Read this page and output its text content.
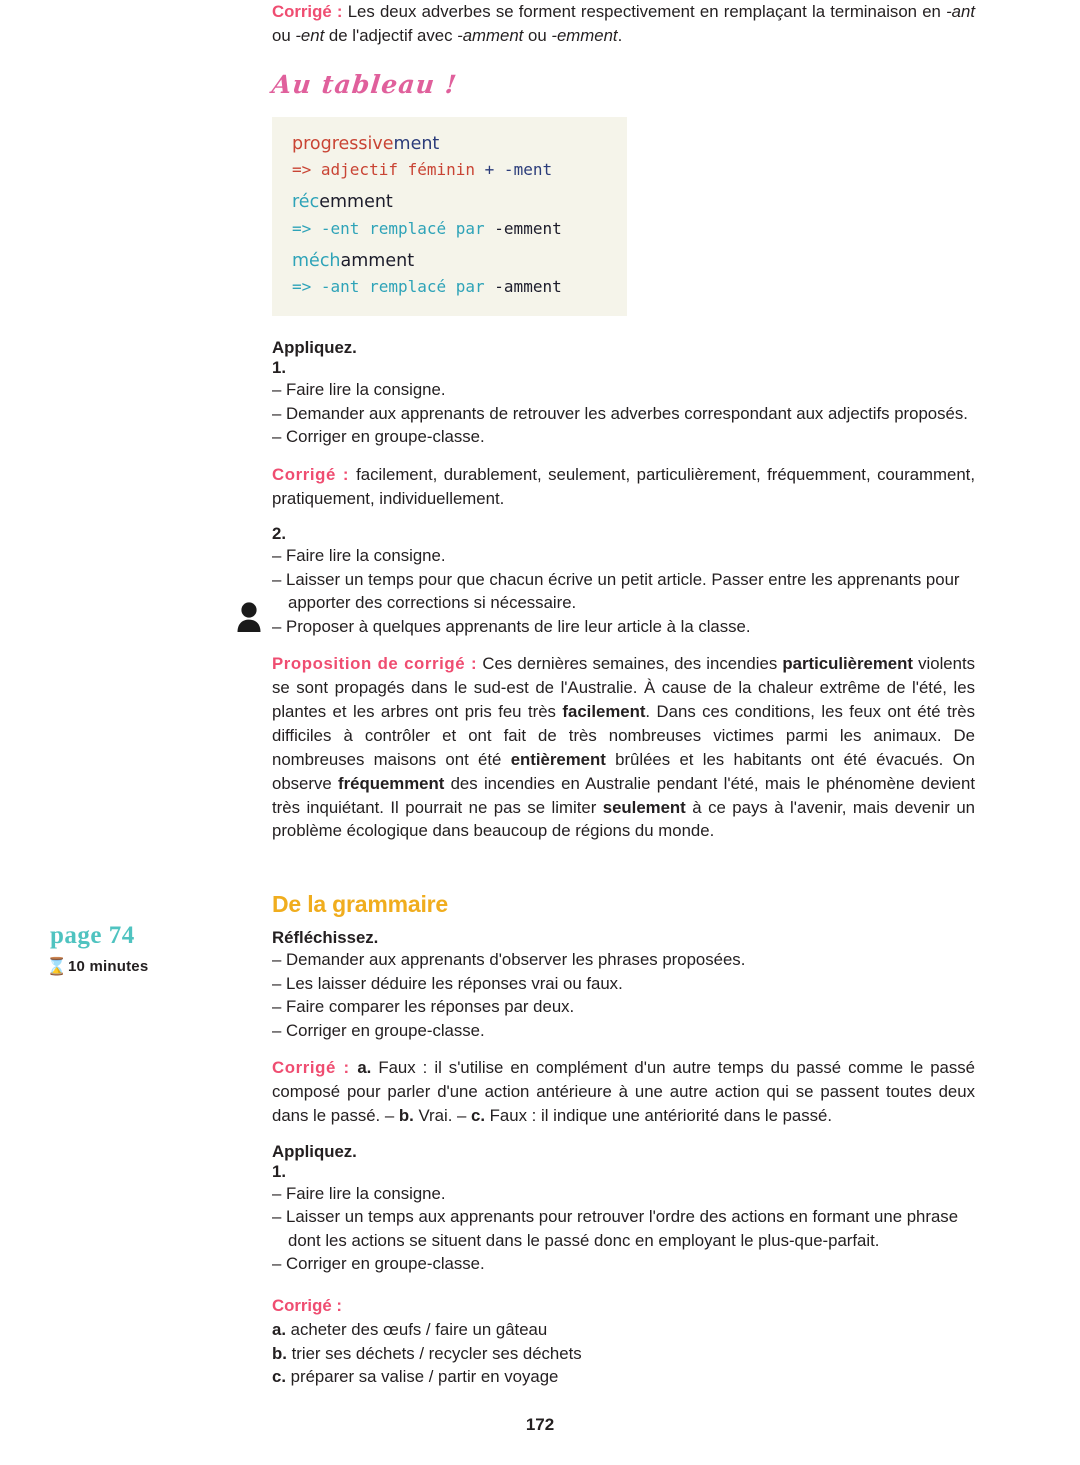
page 74
⌛ 10 minutes

Corrigé : Les deux adverbes se forment respectivement en remplaçant la terminaison en -ant ou -ent de l'adjectif avec -amment ou -emment.

Au tableau !
progressivement
=> adjectif féminin + -ment
récemment
=> -ent remplacé par -emment
méchamment
=> -ant remplacé par -amment
Appliquez.
1.
– Faire lire la consigne.
– Demander aux apprenants de retrouver les adverbes correspondant aux adjectifs proposés.
– Corriger en groupe-classe.

Corrigé : facilement, durablement, seulement, particulièrement, fréquemment, couramment, pratiquement, individuellement.

2.
– Faire lire la consigne.
– Laisser un temps pour que chacun écrive un petit article. Passer entre les apprenants pour apporter des corrections si nécessaire.
– Proposer à quelques apprenants de lire leur article à la classe.

Proposition de corrigé : Ces dernières semaines, des incendies particulièrement violents se sont propagés dans le sud-est de l'Australie. À cause de la chaleur extrême de l'été, les plantes et les arbres ont pris feu très facilement. Dans ces conditions, les feux ont été très difficiles à contrôler et ont fait de très nombreuses victimes parmi les animaux. De nombreuses maisons ont été entièrement brûlées et les habitants ont été évacués. On observe fréquemment des incendies en Australie pendant l'été, mais le phénomène devient très inquiétant. Il pourrait ne pas se limiter seulement à ce pays à l'avenir, mais devenir un problème écologique dans beaucoup de régions du monde.

De la grammaire
Réfléchissez.
– Demander aux apprenants d'observer les phrases proposées.
– Les laisser déduire les réponses vrai ou faux.
– Faire comparer les réponses par deux.
– Corriger en groupe-classe.

Corrigé : a. Faux : il s'utilise en complément d'un autre temps du passé comme le passé composé pour parler d'une action antérieure à une autre action qui se passent toutes deux dans le passé. – b. Vrai. – c. Faux : il indique une antériorité dans le passé.

Appliquez.
1.
– Faire lire la consigne.
– Laisser un temps aux apprenants pour retrouver l'ordre des actions en formant une phrase dont les actions se situent dans le passé donc en employant le plus-que-parfait.
– Corriger en groupe-classe.
Corrigé :
a. acheter des œufs / faire un gâteau
b. trier ses déchets / recycler ses déchets
c. préparer sa valise / partir en voyage
172
